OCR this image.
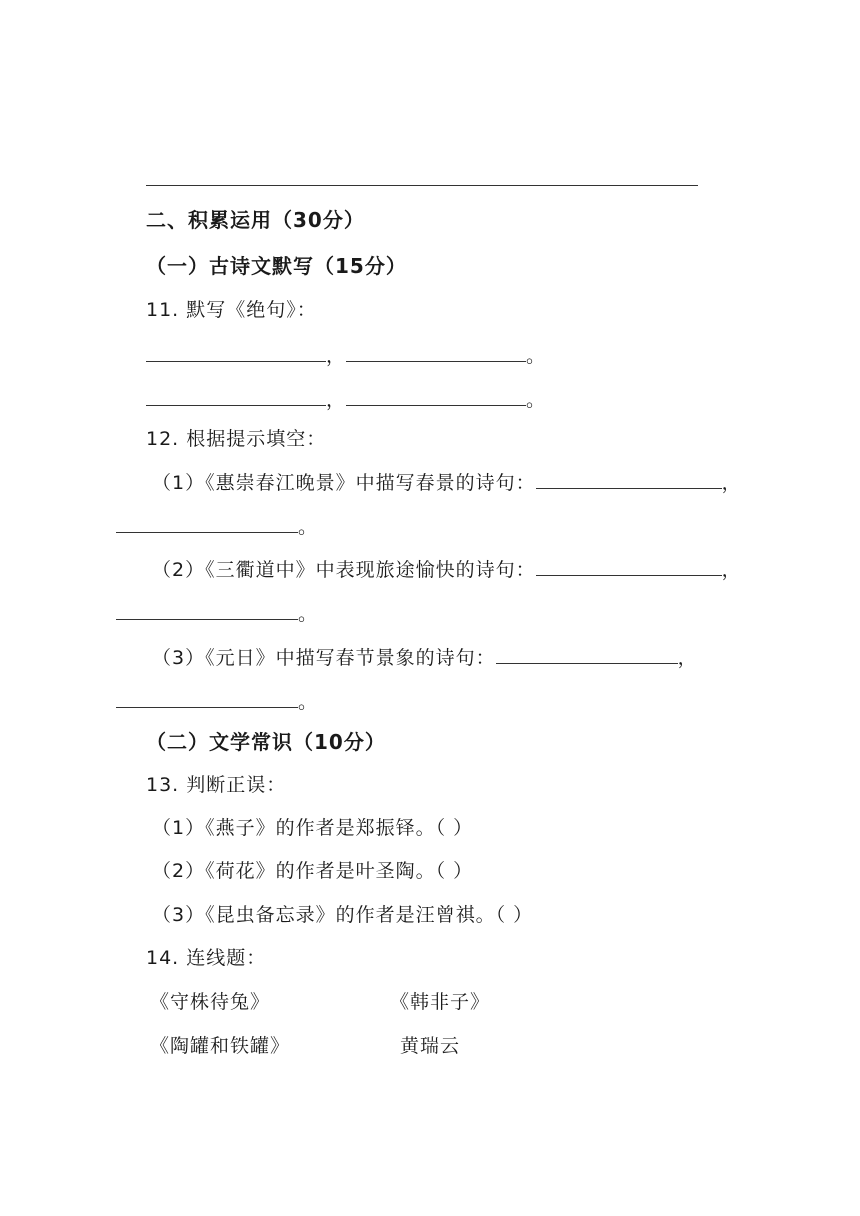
二、积累运用（30分）
（一）古诗文默写（15分）
11. 默写《绝句》：
，	。
，	。
12. 根据提示填空：
（1）《惠崇春江晚景》中描写春景的诗句：	，
。
（2）《三衢道中》中表现旅途愉快的诗句：	，
。
（3）《元日》中描写春节景象的诗句：	，
。
（二）文学常识（10分）
13. 判断正误：
（1）《燕子》的作者是郑振铎。（ ）
（2）《荷花》的作者是叶圣陶。（ ）
（3）《昆虫备忘录》的作者是汪曾祺。（ ）
14. 连线题：
《守株待兔》	《韩非子》
《陶罐和铁罐》	黄瑞云
